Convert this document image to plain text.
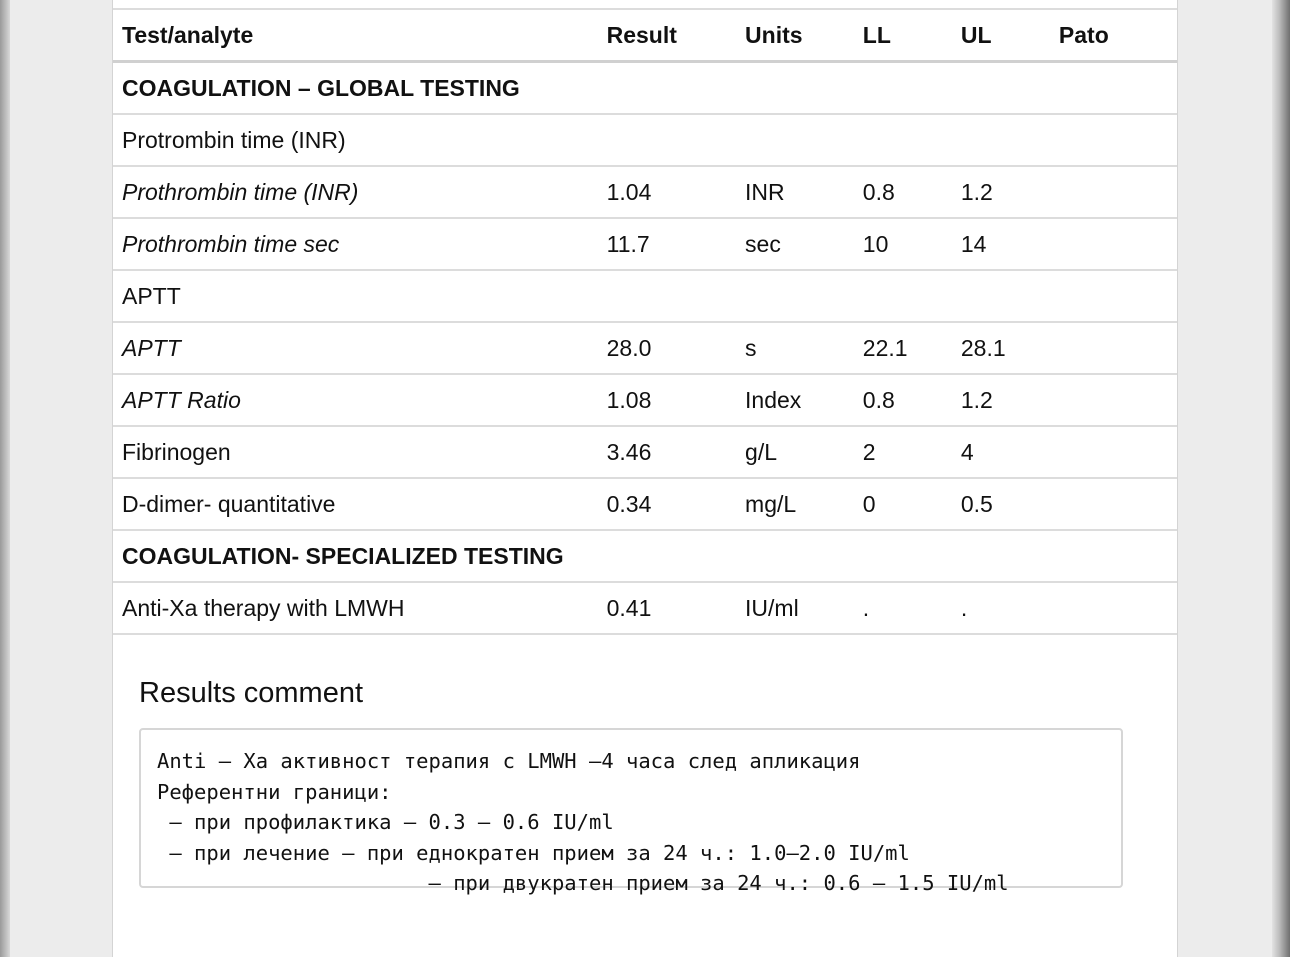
Test/analyte	Result	Units	LL	UL	Pato
COAGULATION – GLOBAL TESTING					
Protrombin time (INR)					
Prothrombin time (INR)	1.04	INR	0.8	1.2	
Prothrombin time sec	11.7	sec	10	14	
APTT					
APTT	28.0	s	22.1	28.1	
APTT Ratio	1.08	Index	0.8	1.2	
Fibrinogen	3.46	g/L	2	4	
D-dimer- quantitative	0.34	mg/L	0	0.5	
COAGULATION- SPECIALIZED TESTING					
Anti-Xa therapy with LMWH	0.41	IU/ml	.	.	
Results comment
Anti – Xa активност терапия с LMWH –4 часа след апликация
Референтни граници:
– при профилактика – 0.3 – 0.6 IU/ml
– при лечение – при еднократен прием за 24 ч.: 1.0–2.0 IU/ml
– при двукратен прием за 24 ч.: 0.6 – 1.5 IU/ml
